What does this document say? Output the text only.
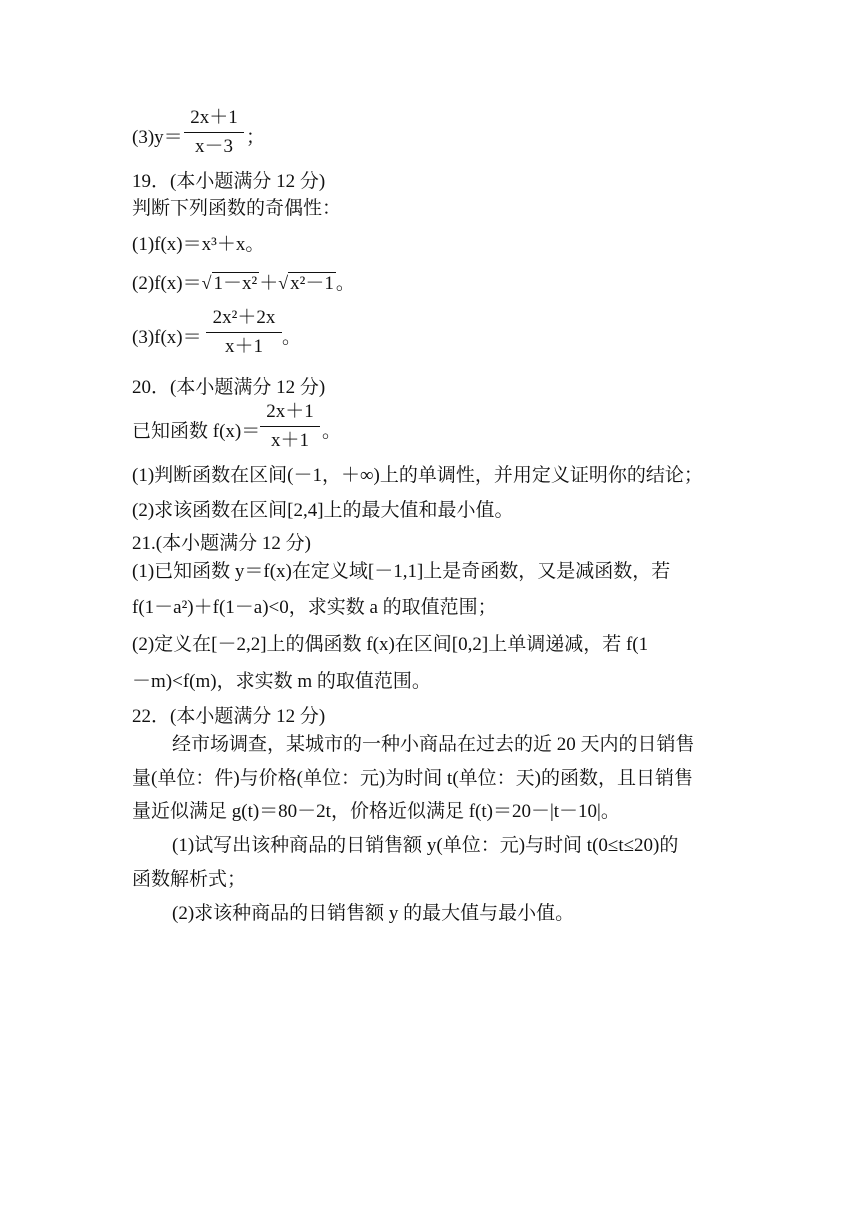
(3)y＝
2x＋1
x－3 ；
19．(本小题满分 12 分)
判断下列函数的奇偶性：
(1)f(x)＝x³＋x。
(2)f(x)＝√ 1－x² ＋√ x²－1 。
(3)f(x)＝
2x²＋2x
x＋1	。
20．(本小题满分 12 分)
已知函数 f(x)＝
2x＋1
x＋1 。
(1)判断函数在区间(－1，＋∞)上的单调性，并用定义证明你的结论；
(2)求该函数在区间[2,4]上的最大值和最小值。
21.(本小题满分 12 分)
(1)已知函数 y＝f(x)在定义域[－1,1]上是奇函数，又是减函数，若
f(1－a²)＋f(1－a)<0，求实数 a 的取值范围；
(2)定义在[－2,2]上的偶函数 f(x)在区间[0,2]上单调递减，若 f(1
－m)<f(m)，求实数 m 的取值范围。
22．(本小题满分 12 分)
经市场调查，某城市的一种小商品在过去的近 20 天内的日销售
量(单位：件)与价格(单位：元)为时间 t(单位：天)的函数，且日销售
量近似满足 g(t)＝80－2t，价格近似满足 f(t)＝20－|t－10|。
(1)试写出该种商品的日销售额 y(单位：元)与时间 t(0≤t≤20)的
函数解析式；
(2)求该种商品的日销售额 y 的最大值与最小值。
